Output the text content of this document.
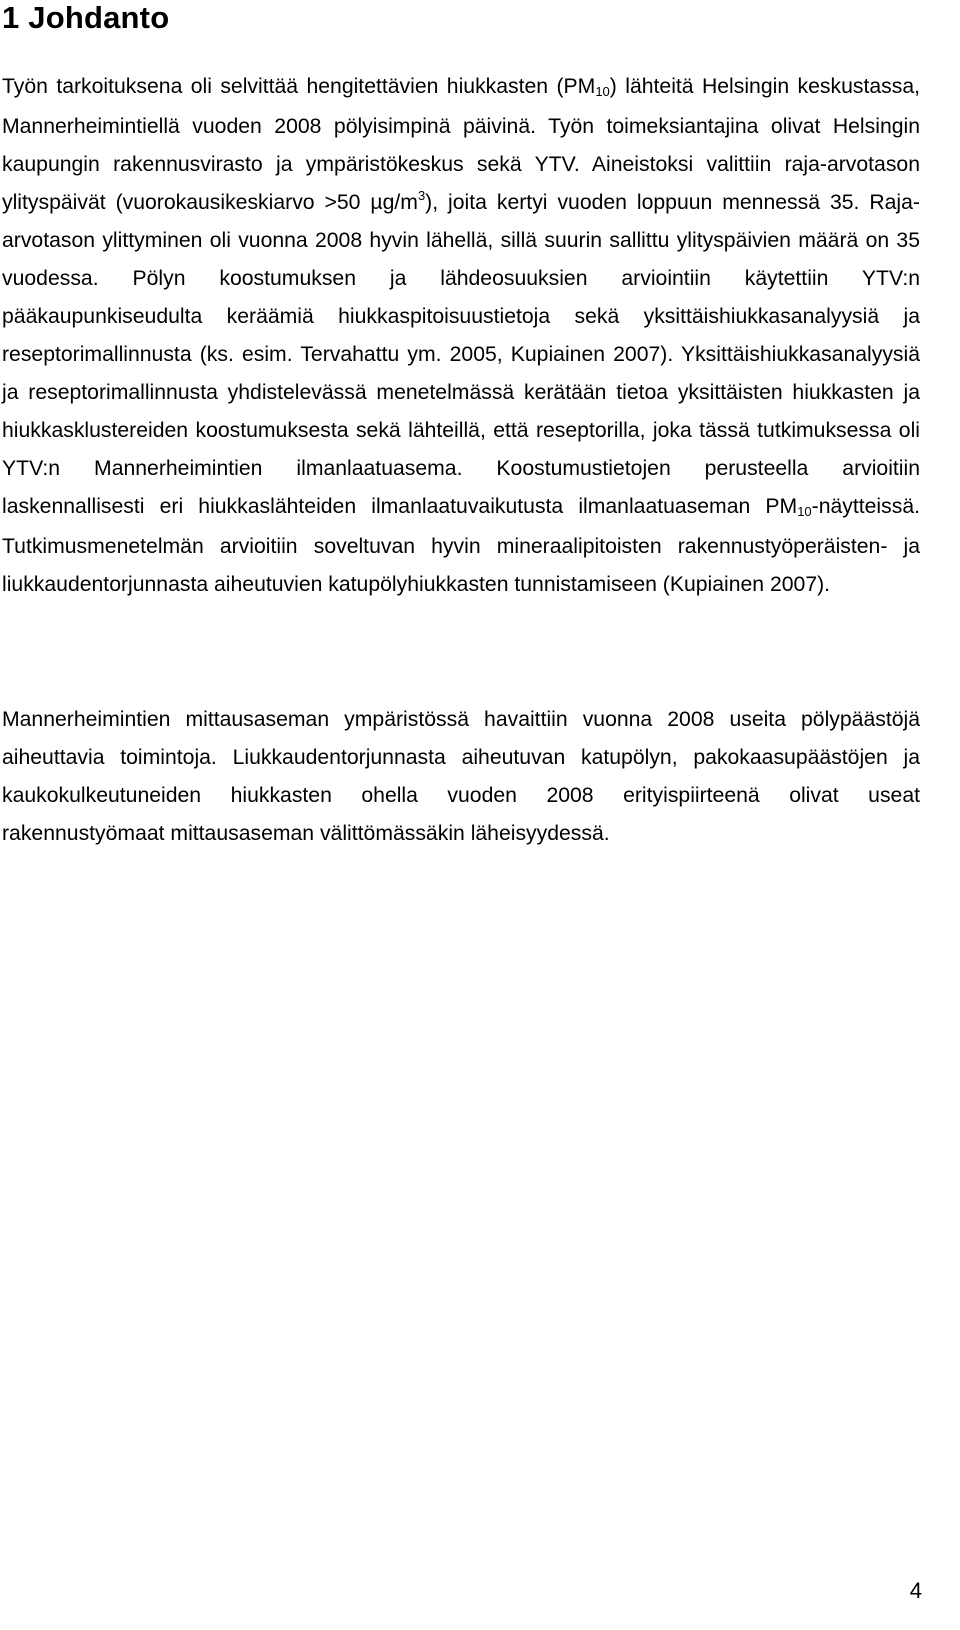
1 Johdanto

Työn tarkoituksena oli selvittää hengitettävien hiukkasten (PM10) lähteitä Helsingin keskustassa, Mannerheimintiellä vuoden 2008 pölyisimpinä päivinä. Työn toimeksiantajina olivat Helsingin kaupungin rakennusvirasto ja ympäristökeskus sekä YTV. Aineistoksi valittiin raja-arvotason ylityspäivät (vuorokausikeskiarvo >50 $\mu g/m^3$), joita kertyi vuoden loppuun mennessä 35. Raja-arvotason ylittyminen oli vuonna 2008 hyvin lähellä, sillä suurin sallittu ylityspäivien määrä on 35 vuodessa. Pölyn koostumuksen ja lähdeosuuksien arviointiin käytettiin YTV:n pääkaupunkiseudulta keräämiä hiukkaspitoisuustietoja sekä yksittäishiukkasanalyysiä ja reseptorimallinnusta (ks. esim. Tervahattu ym. 2005, Kupiainen 2007). Yksittäishiukkasanalyysiä ja reseptorimallinnusta yhdistelevässä menetelmässä kerätään tietoa yksittäisten hiukkasten ja hiukkasklustereiden koostumuksesta sekä lähteillä, että reseptorilla, joka tässä tutkimuksessa oli YTV:n Mannerheimintien ilmanlaatuasema. Koostumustietojen perusteella arvioitiin laskennallisesti eri hiukkaslähteiden ilmanlaatuvaikutusta ilmanlaatuaseman PM10-näytteissä. Tutkimusmenetelmän arvioitiin soveltuvan hyvin mineraalipitoisten rakennustyöperäisten- ja liukkaudentorjunnasta aiheutuvien katupölyhiukkasten tunnistamiseen (Kupiainen 2007).

Mannerheimintien mittausaseman ympäristössä havaittiin vuonna 2008 useita pölypäästöjä aiheuttavia toimintoja. Liukkaudentorjunnasta aiheutuvan katupölyn, pakokaasupäästöjen ja kaukokulkeutuneiden hiukkasten ohella vuoden 2008 erityispiirteenä olivat useat rakennustyömaat mittausaseman välittömässäkin läheisyydessä.

4
